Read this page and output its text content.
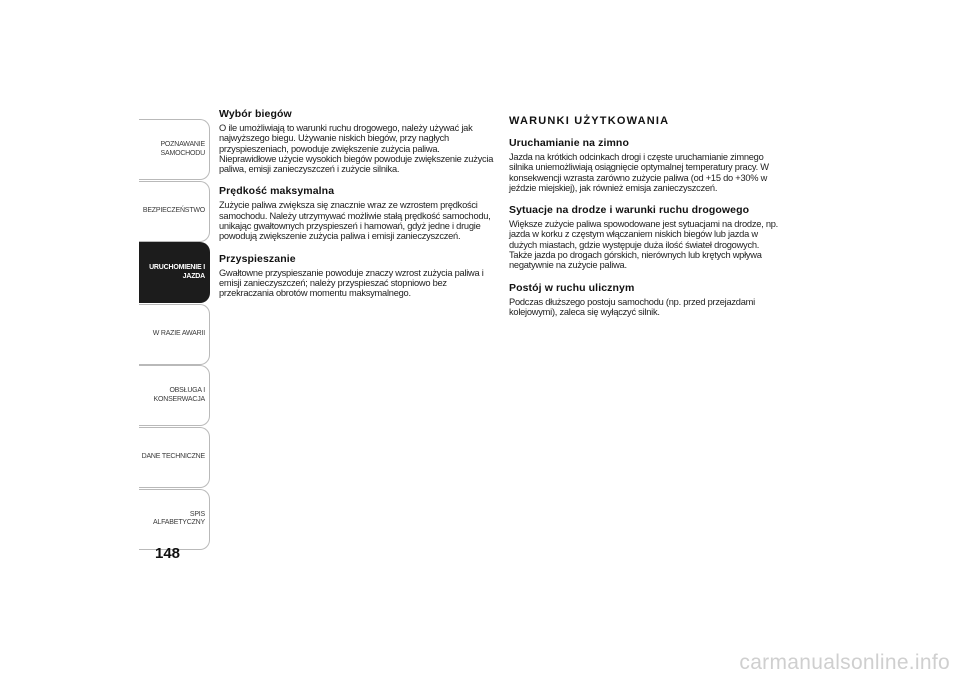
POZNAWANIE
SAMOCHODU
BEZPIECZEŃSTWO
URUCHOMIENIE I
JAZDA
W RAZIE AWARII
OBSŁUGA I
KONSERWACJA
DANE TECHNICZNE
SPIS ALFABETYCZNY
148
Wybór biegów

O ile umożliwiają to warunki ruchu drogowego, należy używać jak najwyższego biegu. Używanie niskich biegów, przy nagłych przyspieszeniach, powoduje zwiększenie zużycia paliwa. Nieprawidłowe użycie wysokich biegów powoduje zwiększenie zużycia paliwa, emisji zanieczyszczeń i zużycie silnika.

Prędkość maksymalna

Zużycie paliwa zwiększa się znacznie wraz ze wzrostem prędkości samochodu. Należy utrzymywać możliwie stałą prędkość samochodu, unikając gwałtownych przyspieszeń i hamowań, gdyż jedne i drugie powodują zwiększenie zużycia paliwa i emisji zanieczyszczeń.

Przyspieszanie

Gwałtowne przyspieszanie powoduje znaczy wzrost zużycia paliwa i emisji zanieczyszczeń; należy przyspieszać stopniowo bez przekraczania obrotów momentu maksymalnego.

WARUNKI UŻYTKOWANIA
Uruchamianie na zimno

Jazda na krótkich odcinkach drogi i częste uruchamianie zimnego silnika uniemożliwiają osiągnięcie optymalnej temperatury pracy. W konsekwencji wzrasta zarówno zużycie paliwa (od +15 do +30% w jeździe miejskiej), jak również emisja zanieczyszczeń.

Sytuacje na drodze i warunki ruchu drogowego

Większe zużycie paliwa spowodowane jest sytuacjami na drodze, np. jazda w korku z częstym włączaniem niskich biegów lub jazda w dużych miastach, gdzie występuje duża ilość świateł drogowych. Także jazda po drogach górskich, nierównych lub krętych wpływa negatywnie na zużycie paliwa.

Postój w ruchu ulicznym

Podczas dłuższego postoju samochodu (np. przed przejazdami kolejowymi), zaleca się wyłączyć silnik.

carmanualsonline.info
